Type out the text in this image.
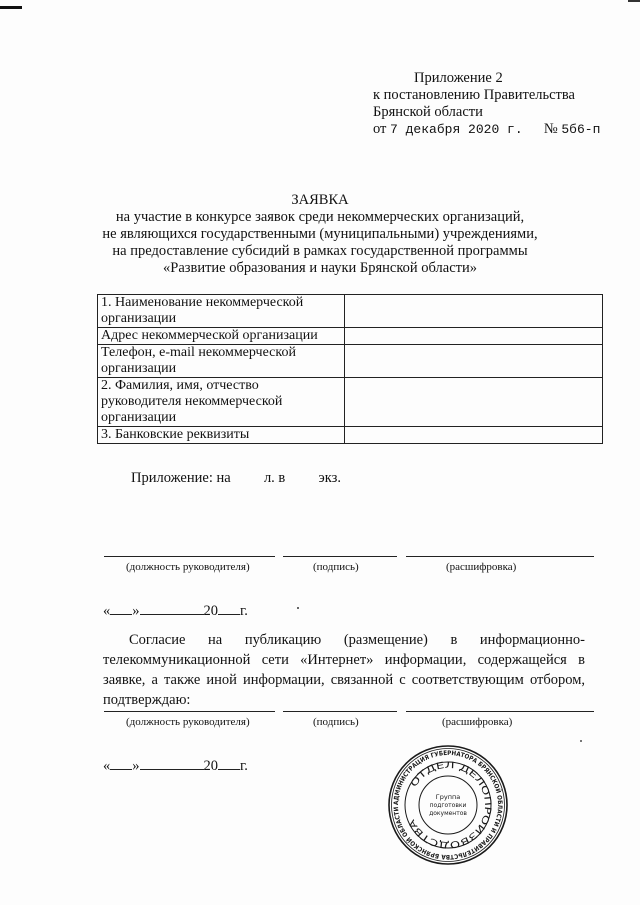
Приложение 2
к постановлению Правительства
Брянской области
от 7 декабря 2020 г. № 5б6-п
ЗАЯВКА
на участие в конкурсе заявок среди некоммерческих организаций,
не являющихся государственными (муниципальными) учреждениями,
на предоставление субсидий в рамках государственной программы
«Развитие образования и науки Брянской области»
1. Наименование некоммерческой организации	
Адрес некоммерческой организации	
Телефон, e-mail некоммерческой организации	
2. Фамилия, имя, отчество руководителя некоммерческой организации	
3. Банковские реквизиты	
Приложение: на л. в экз.
(должность руководителя)	(подпись)	(расшифровка)
« »	20 г.
Согласие на публикацию (размещение) в информационно-телекоммуникационной сети «Интернет» информации, содержащейся в заявке, а также иной информации, связанной с соответствующим отбором, подтверждаю:
(должность руководителя)	(подпись)	(расшифровка)
« »	20 г.
АДМИНИСТРАЦИЯ ГУБЕРНАТОРА БРЯНСКОЙ ОБЛАСТИ И ПРАВИТЕЛЬСТВА БРЯНСКОЙ ОБЛАСТИ
ОТДЕЛ ДЕЛОПРОИЗВОДСТВА
Группа
подготовки
документов
